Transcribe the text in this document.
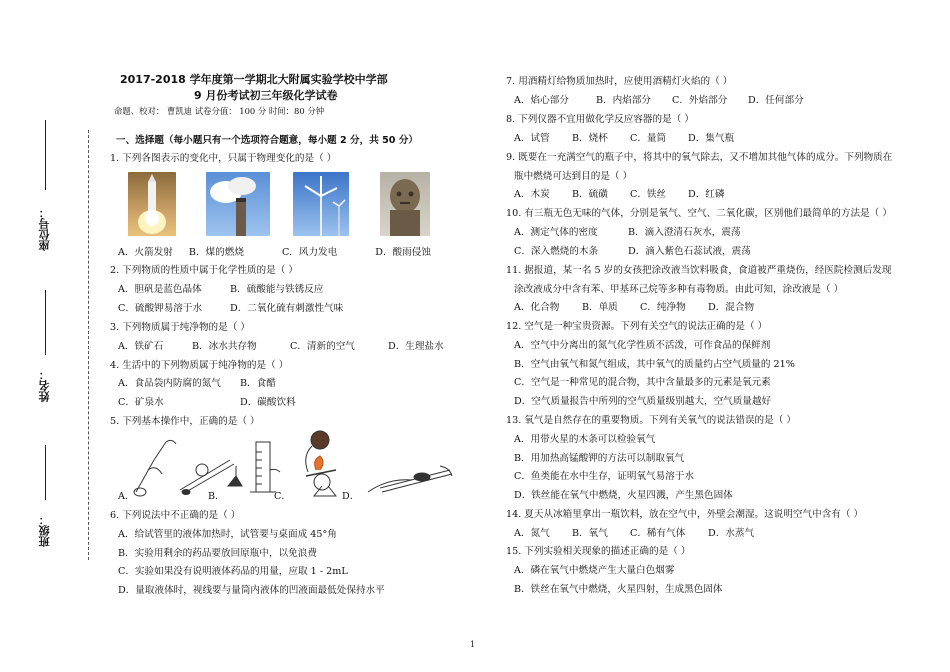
座位号：
姓名：
班级：
2017-2018 学年度第一学期北大附属实验学校中学部
9 月份考试初三年级化学试卷
命题、校对： 曹凯迪 试卷分值： 100 分 时间：80 分钟
一、选择题（每小题只有一个选项符合题意，每小题 2 分，共 50 分）
1. 下列各图表示的变化中，只属于物理变化的是（ ）
A．火箭发射 B．煤的燃烧	C．风力发电	D．酸雨侵蚀
2. 下列物质的性质中属于化学性质的是（ ）
A．胆矾是蓝色晶体	B．硫酸能与铁锈反应
C．硫酸钾易溶于水	D．二氧化硫有刺激性气味
3. 下列物质属于纯净物的是（ ）
A．铁矿石	B．冰水共存物	C．清新的空气	D．生理盐水
4. 生活中的下列物质属于纯净物的是（ ）
A．食品袋内防腐的氮气 B．食醋
C．矿泉水	D．碳酸饮料
5. 下列基本操作中，正确的是（ ）
A．	B．	C．	D．
6. 下列说法中不正确的是（ ）
A．给试管里的液体加热时，试管要与桌面成 45°角
B．实验用剩余的药品要放回原瓶中，以免浪费
C．实验如果没有说明液体药品的用量，应取 1 - 2mL
D．量取液体时，视线要与量筒内液体的凹液面最低处保持水平
7. 用酒精灯给物质加热时，应使用酒精灯火焰的（ ）
A．焰心部分	B．内焰部分 C．外焰部分 D．任何部分
8. 下列仪器不宜用做化学反应容器的是（ ）
A．试管 B．烧杯 C．量筒 D．集气瓶
9. 既要在一充满空气的瓶子中，将其中的氧气除去，又不增加其他气体的成分。下列物质在
瓶中燃烧可达到目的是（ ）
A．木炭 B．硫磺 C．铁丝 D．红磷
10. 有三瓶无色无味的气体，分别是氧气、空气、二氧化碳，区别他们最简单的方法是（ ）
A．测定气体的密度	B．滴入澄清石灰水，震荡
C．深入燃烧的木条	D．滴入紫色石蕊试液，震荡
11. 据报道，某一名 5 岁的女孩把涂改液当饮料吸食，食道被严重烧伤，经医院检测后发现
涂改液成分中含有苯、甲基环己烷等多种有毒物质。由此可知，涂改液是（ ）
A．化合物 B．单质 C．纯净物 D．混合物
12. 空气是一种宝贵资源。下列有关空气的说法正确的是（ ）
A．空气中分离出的氮气化学性质不活泼，可作食品的保鲜剂
B．空气由氧气和氮气组成，其中氧气的质量约占空气质量的 21%
C．空气是一种常见的混合物，其中含量最多的元素是氧元素
D．空气质量报告中所列的空气质量级别越大，空气质量越好
13. 氧气是自然存在的重要物质。下列有关氧气的说法错误的是（ ）
A．用带火星的木条可以检验氧气
B．用加热高锰酸钾的方法可以制取氧气
C．鱼类能在水中生存，证明氧气易溶于水
D．铁丝能在氧气中燃烧，火星四溅，产生黑色固体
14. 夏天从冰箱里拿出一瓶饮料，放在空气中，外壁会潮湿。这说明空气中含有（ ）
A．氮气 B．氧气 C．稀有气体 D．水蒸气
15. 下列实验相关现象的描述正确的是（ ）
A．磷在氧气中燃烧产生大量白色烟雾
B．铁丝在氧气中燃烧，火星四射，生成黑色固体
1
